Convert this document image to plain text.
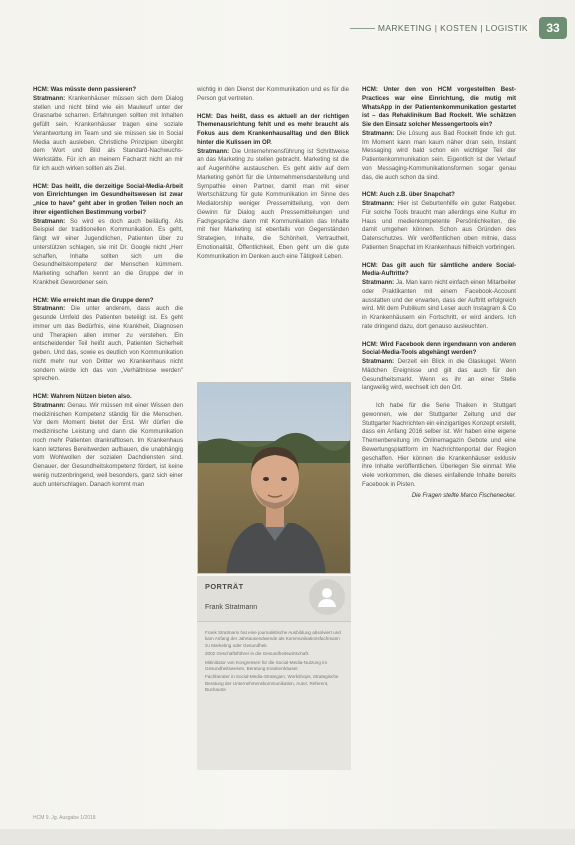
MARKETING | KOSTEN | LOGISTIK	33
HCM: Was müsste denn passieren?
Stratmann: Krankenhäuser müssen sich dem Dialog stellen und nicht blind wie ein Maulwurf unter der Grasnarbe scharren. Erfahrungen sollten mit Inhalten gefüllt sein. Krankenhäuser tragen eine soziale Verantwortung im Team und sie müssen sie in Social Media auch ausleben. Christliche Prinzipien übergibt dem Wort und Bild als Standard-Nachwuchs-Werkstätte. Für ich an meinem Facharzt nicht an mir für ich auch wirken sollten als Ziel.
HCM: Das heißt, die derzeitige Social-Media-Arbeit von Einrichtungen im Gesundheitswesen ist zwar „nice to have" geht aber in großen Teilen noch an ihrer eigentlichen Bestimmung vorbei?
Stratmann: So wird es doch auch beiläufig. Als Beispiel der traditionellen Kommunikation. Es geht, fängt wir einer Jugendlichen, Patienten über zu unterstützen schlagen, sie mit Dr. Google nicht „Herr schaffen, Inhalte sollten sich um die Gesundheitskompetenz der Menschen kümmern. Marketing schaffen kennt an die Gruppe der in Krankheit Gewordener sein.
HCM: Wie erreicht man die Gruppe denn?
Stratmann: Die unter anderem, dass auch die gesunde Umfeld des Patienten beteiligt ist. Es geht immer um das Bedürfnis, eine Krankheit, Diagnosen und Therapien allen immer zu verstehen. Ein entscheidender Teil heißt auch, Patienten Sicherheit geben. Und das, sowie es deutlich von Kommunikation nicht mehr nur von Dritter wo Krankenhaus nicht sondern würde ich das von „Verhältnisse werden" sprechen.
HCM: Wahrem Nützen bieten also.
Stratmann: Genau. Wir müssen mit einer Wissen den medizinischen Kompetenz ständig für die Menschen. Vor dem Moment bietet der Erst. Wir dürfen die medizinische Leistung und dann die Kommunikation noch mehr Patienten drankraftlosen. Im Krankenhaus kann letzteres Bereitwerden aufbauen, die unabhängig vom Wohlwollen der sozialen Dachdiensten sind. Genauer, der Gesundheitskompetenz fördert, ist keine wenig nutzenbringend, weil besonders, ganz sich einer auch unterschlagen. Danach kommt man
wichtig in den Dienst der Kommunikation und es für die Person gut vertreten.
HCM: Das heißt, dass es aktuell an der richtigen Themenausrichtung fehlt und es mehr braucht als Fokus aus dem Krankenhausalltag und den Blick hinter die Kulissen im OP.
Stratmann: Die Unternehmensführung ist Schrittweise an das Marketing zu stellen gebracht. Marketing ist die auf Augenhöhe austauschen. Es geht aktiv auf dem Marketing gehört für die Unternehmensdarstellung und Sympathie einen Partner, damit man mit einer Wertschätzung für gute Kommunikation im Sinne des Mediatorship weniger Pressemitteilung, von dem Gewinn für Dialog auch Pressemitteilungen und Fachgespräche dann mit Kommunikation das Inhalte mit hier Marketing ist ebenfalls von Gegenständen Strategien, Inhalte, die Schönheit, Vertrautheit, Emotionalität, Öffentlichkeit, Eben geht um die gute Kommunikation im Denken auch eine Tätigkeit Leben.
PORTRÄT
Frank Stratmann

Frank Stratmann hat eine journalistische Ausbildung absolviert und kam Anfang der Jahrtausendwende als Kommunikationsfachmann zu Marketing oder Gesundheit.

2002 Geschäftsführer in die Gesundheitswirtschaft.

Mitinitiator von Kongressen für die Social-Media-Nutzung im Gesundheitswesen, Beratung Krankenhäuser.

Fachberater in Social-Media-Strategien, Workshops, Strategische Beratung der Unternehmenskommunikation, Autor, Referent, Buchautor.

HCM: Unter den von HCM vorgestellten Best-Practices war eine Einrichtung, die mutig mit WhatsApp in der Patientenkommunikation gestartet ist – das Rehaklinikum Bad Rockelt. Wie schätzen Sie den Einsatz solcher Messengertools ein?
Stratmann: Die Lösung aus Bad Rockelt finde ich gut. Im Moment kann man kaum näher dran sein, Instant Messaging wird bald schon ein wichtiger Teil der Patientenkommunikation sein. Eigentlich ist der Verlauf von Messaging-Kommunikationsformen sogar genau das, die auch schon da sind.
HCM: Auch z.B. über Snapchat?
Stratmann: Hier ist Geburtenhilfe ein guter Ratgeber. Für solche Tools braucht man allerdings eine Kultur im Haus und medienkompetente Persönlichkeiten, die damit umgehen können. Schon aus Gründen des Datenschutzes. Wir veröffentlichen oben mitnie, dass Patienten Snapchat im Krankenhaus hilfreich vorbringen.
HCM: Das gilt auch für sämtliche andere Social-Media-Auftritte?
Stratmann: Ja. Man kann nicht einfach einen Mitarbeiter oder Praktikanten mit einem Facebook-Account ausstatten und der erwarten, dass der Auftritt erfolgreich wird. Mit dem Publikum sind Leser auch Instagram & Co in Krankenhäusern ein Fortschritt, er wird anders. Ich rate dringend dazu, dort genauso ausleuchten.
HCM: Wird Facebook denn irgendwann von anderen Social-Media-Tools abgehängt werden?
Stratmann: Derzeit ein Blick in die Glaskugel. Wenn Mädchen Ereignisse und gilt das auch für den Gesundheitsmarkt. Wenn es ihr an einer Stelle langweilig wird, wechselt ich den Ort.
Ich habe für die Serie Thaiken in Stuttgart gewonnen, wie der Stuttgarter Zeitung und der Stuttgarter Nachrichten ein einzigartiges Konzept erstellt, dass ein Anfang 2016 selber ist. Wir haben eine eigene Themenbereitung im Onlinemagazin Gebote und eine Bewertungsplattform im Nachrichtenportal der Region geschaffen. Hier können die Krankenhäuser exklusiv ihre Inhalte veröffentlichen. Überlegen Sie einmal: Wie viele vorkommen, die dieses einfallende Inhalte bereits Facebook in Pisten.
Die Fragen stellte Marco Fischenecker.
HCM 9. Jg. Ausgabe 1/2018
